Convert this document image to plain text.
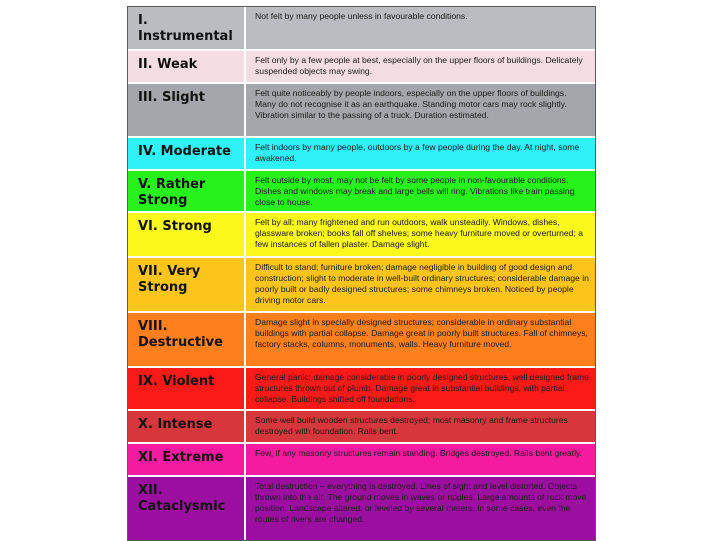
I. Instrumental	Not felt by many people unless in favourable conditions.

II. Weak	Felt only by a few people at best, especially on the upper floors of buildings. Delicately suspended objects may swing.

III. Slight	Felt quite noticeably by people indoors, especially on the upper floors of buildings. Many do not recognise it as an earthquake. Standing motor cars may rock slightly. Vibration similar to the passing of a truck. Duration estimated.

IV. Moderate	Felt indoors by many people, outdoors by a few people during the day. At night, some awakened.

V. Rather Strong	Felt outside by most, may not be felt by some people in non-favourable conditions. Dishes and windows may break and large bells will ring. Vibrations like train passing close to house.

VI. Strong	Felt by all; many frightened and run outdoors, walk unsteadily. Windows, dishes, glassware broken; books fall off shelves; some heavy furniture moved or overturned; a few instances of fallen plaster. Damage slight.

VII. Very Strong	Difficult to stand; furniture broken; damage negligible in building of good design and construction; slight to moderate in well-built ordinary structures; considerable damage in poorly built or badly designed structures; some chimneys broken. Noticed by people driving motor cars.

VIII. Destructive	Damage slight in specially designed structures; considerable in ordinary substantial buildings with partial collapse. Damage great in poorly built structures. Fall of chimneys, factory stacks, columns, monuments, walls. Heavy furniture moved.

IX. Violent	General panic; damage considerable in poorly designed structures, well designed frame structures thrown out of plumb. Damage great in substantial buildings, with partial collapse. Buildings shifted off foundations.

X. Intense	Some well build wooden structures destroyed; most masonry and frame structures destroyed with foundation. Rails bent.

XI. Extreme	Few, if any masonry structures remain standing. Bridges destroyed. Rails bent greatly.

XII. Cataclysmic	Total destruction – everything is destroyed. Lines of sight and level distorted. Objects thrown into the air. The ground moves in waves or ripples. Large amounts of rock move position. Landscape altered, or leveled by several meters. In some cases, even the routes of rivers are changed.
